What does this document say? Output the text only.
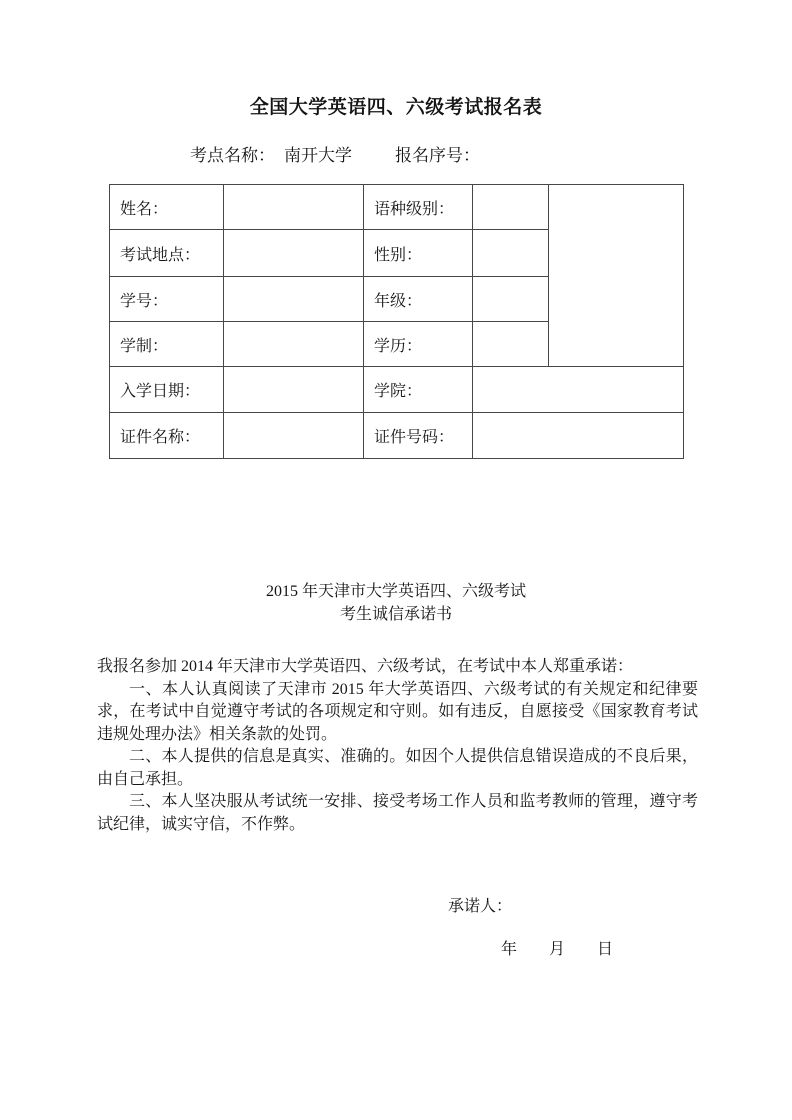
全国大学英语四、六级考试报名表
考点名称： 南开大学	报名序号：
姓名：		语种级别：		
考试地点：		性别：		
学号：		年级：		
学制：		学历：		
入学日期：		学院：		
证件名称：		证件号码：		
2015 年天津市大学英语四、六级考试
考生诚信承诺书

我报名参加 2014 年天津市大学英语四、六级考试，在考试中本人郑重承诺：

一、本人认真阅读了天津市 2015 年大学英语四、六级考试的有关规定和纪律要求，在考试中自觉遵守考试的各项规定和守则。如有违反，自愿接受《国家教育考试违规处理办法》相关条款的处罚。

二、本人提供的信息是真实、准确的。如因个人提供信息错误造成的不良后果，由自己承担。

三、本人坚决服从考试统一安排、接受考场工作人员和监考教师的管理，遵守考试纪律，诚实守信，不作弊。

承诺人：
年　　月　　日
